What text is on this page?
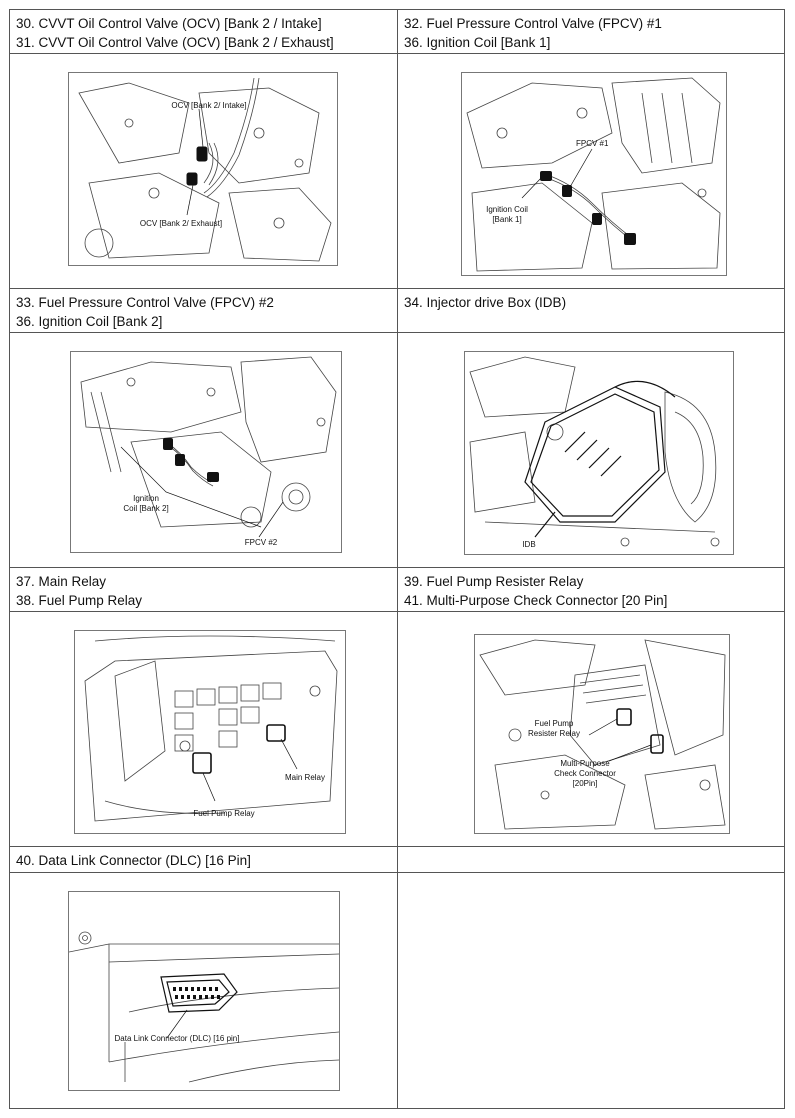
30. CVVT Oil Control Valve (OCV) [Bank 2 / Intake]
31. CVVT Oil Control Valve (OCV) [Bank 2 / Exhaust]
32. Fuel Pressure Control Valve (FPCV) #1
36. Ignition Coil [Bank 1]
OCV [Bank 2/ Intake]
OCV [Bank 2/ Exhaust]
FPCV #1
Ignition Coil
[Bank 1]
33. Fuel Pressure Control Valve (FPCV) #2
36. Ignition Coil [Bank 2]
34. Injector drive Box (IDB)
Ignition
Coil [Bank 2]
FPCV #2	IDB
37. Main Relay
38. Fuel Pump Relay
39. Fuel Pump Resister Relay
41. Multi-Purpose Check Connector [20 Pin]
Main Relay
Fuel Pump Relay
Fuel Pump
Resister Relay
Multi-Purpose
Check Connector
[20Pin]
40. Data Link Connector (DLC) [16 Pin]
Data Link Connector (DLC) [16 pin]
